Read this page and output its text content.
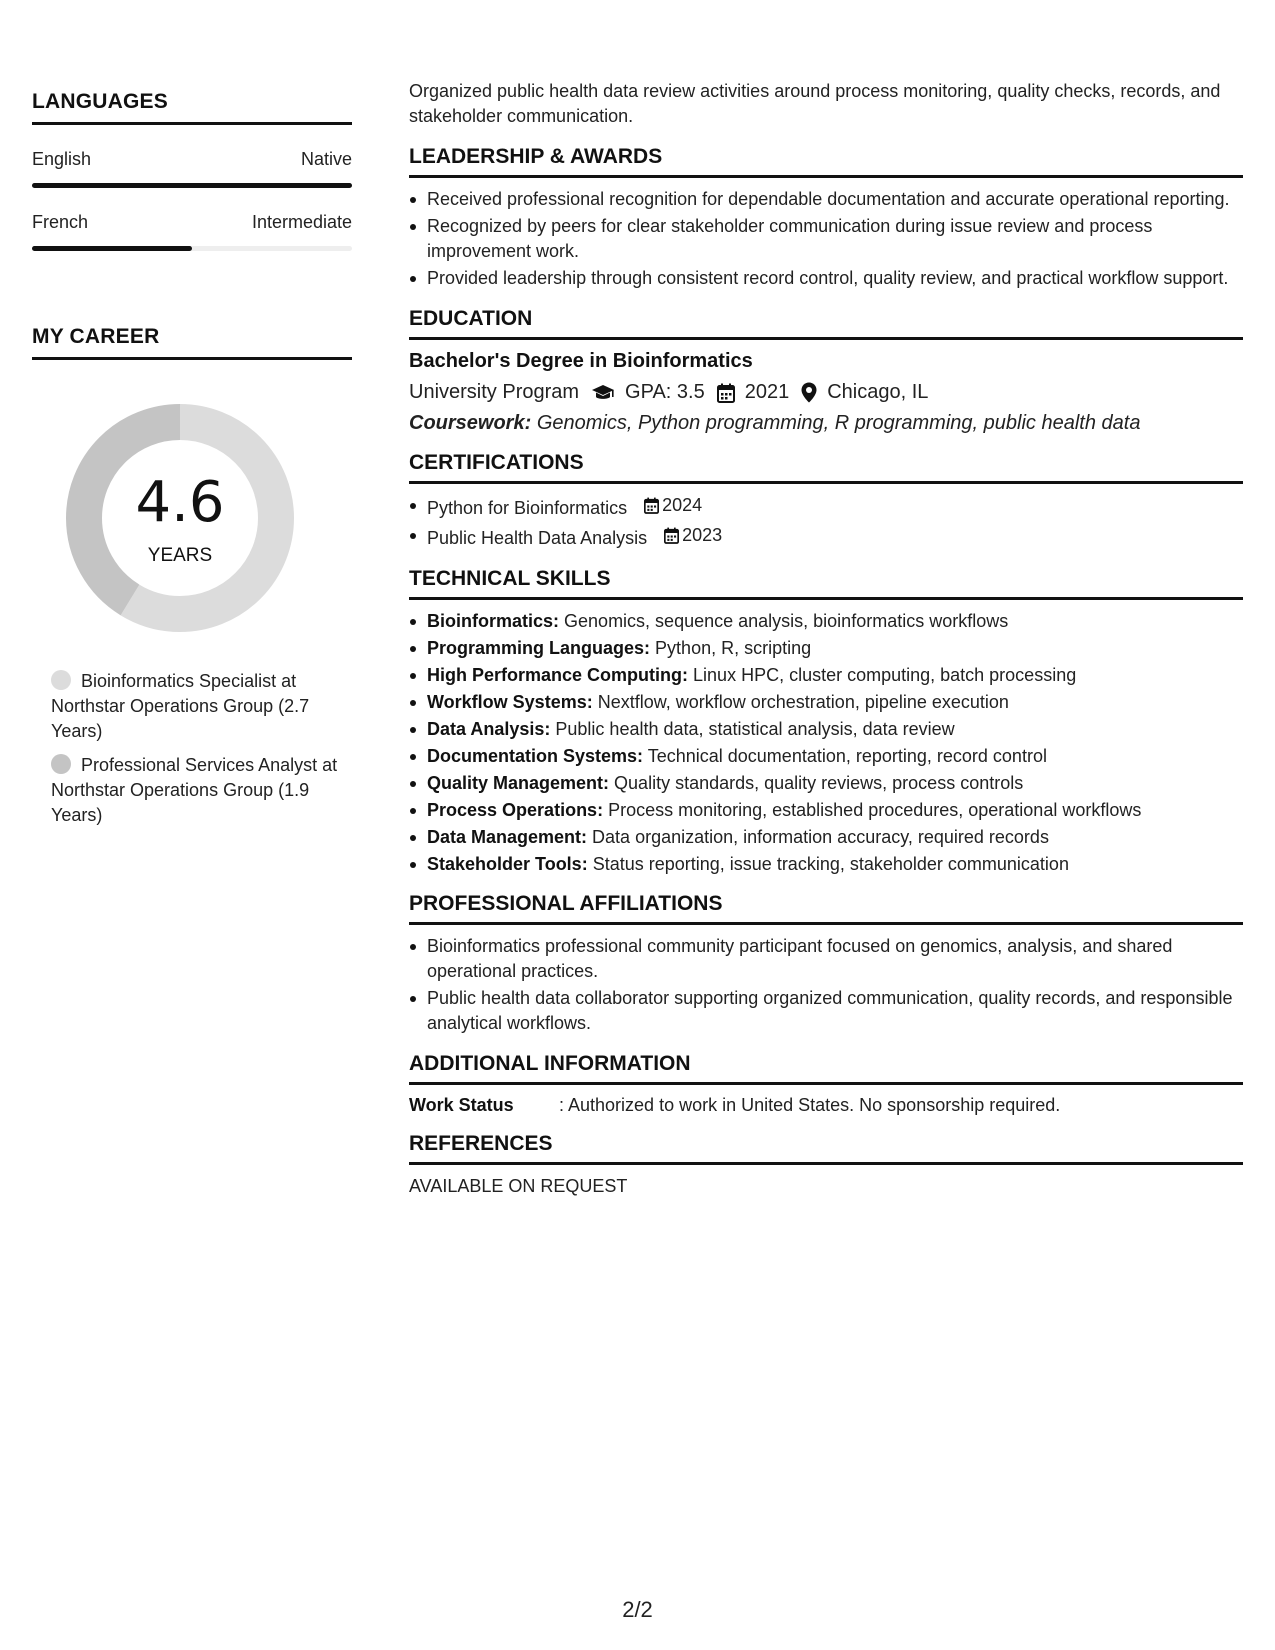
LANGUAGES
English	Native
French	Intermediate
MY CAREER
4.6
YEARS
Bioinformatics Specialist at Northstar Operations Group (2.7 Years)
Professional Services Analyst at Northstar Operations Group (1.9 Years)
Organized public health data review activities around process monitoring, quality checks, records, and stakeholder communication.
LEADERSHIP & AWARDS
Received professional recognition for dependable documentation and accurate operational reporting.
Recognized by peers for clear stakeholder communication during issue review and process improvement work.
Provided leadership through consistent record control, quality review, and practical workflow support.
EDUCATION
Bachelor's Degree in Bioinformatics
University Program GPA: 3.5 2021 Chicago, IL
Coursework: Genomics, Python programming, R programming, public health data
CERTIFICATIONS
Python for Bioinformatics 2024
Public Health Data Analysis 2023
TECHNICAL SKILLS
Bioinformatics: Genomics, sequence analysis, bioinformatics workflows
Programming Languages: Python, R, scripting
High Performance Computing: Linux HPC, cluster computing, batch processing
Workflow Systems: Nextflow, workflow orchestration, pipeline execution
Data Analysis: Public health data, statistical analysis, data review
Documentation Systems: Technical documentation, reporting, record control
Quality Management: Quality standards, quality reviews, process controls
Process Operations: Process monitoring, established procedures, operational workflows
Data Management: Data organization, information accuracy, required records
Stakeholder Tools: Status reporting, issue tracking, stakeholder communication
PROFESSIONAL AFFILIATIONS
Bioinformatics professional community participant focused on genomics, analysis, and shared operational practices.
Public health data collaborator supporting organized communication, quality records, and responsible analytical workflows.
ADDITIONAL INFORMATION
Work Status	: Authorized to work in United States. No sponsorship required.
REFERENCES
AVAILABLE ON REQUEST
2/2
